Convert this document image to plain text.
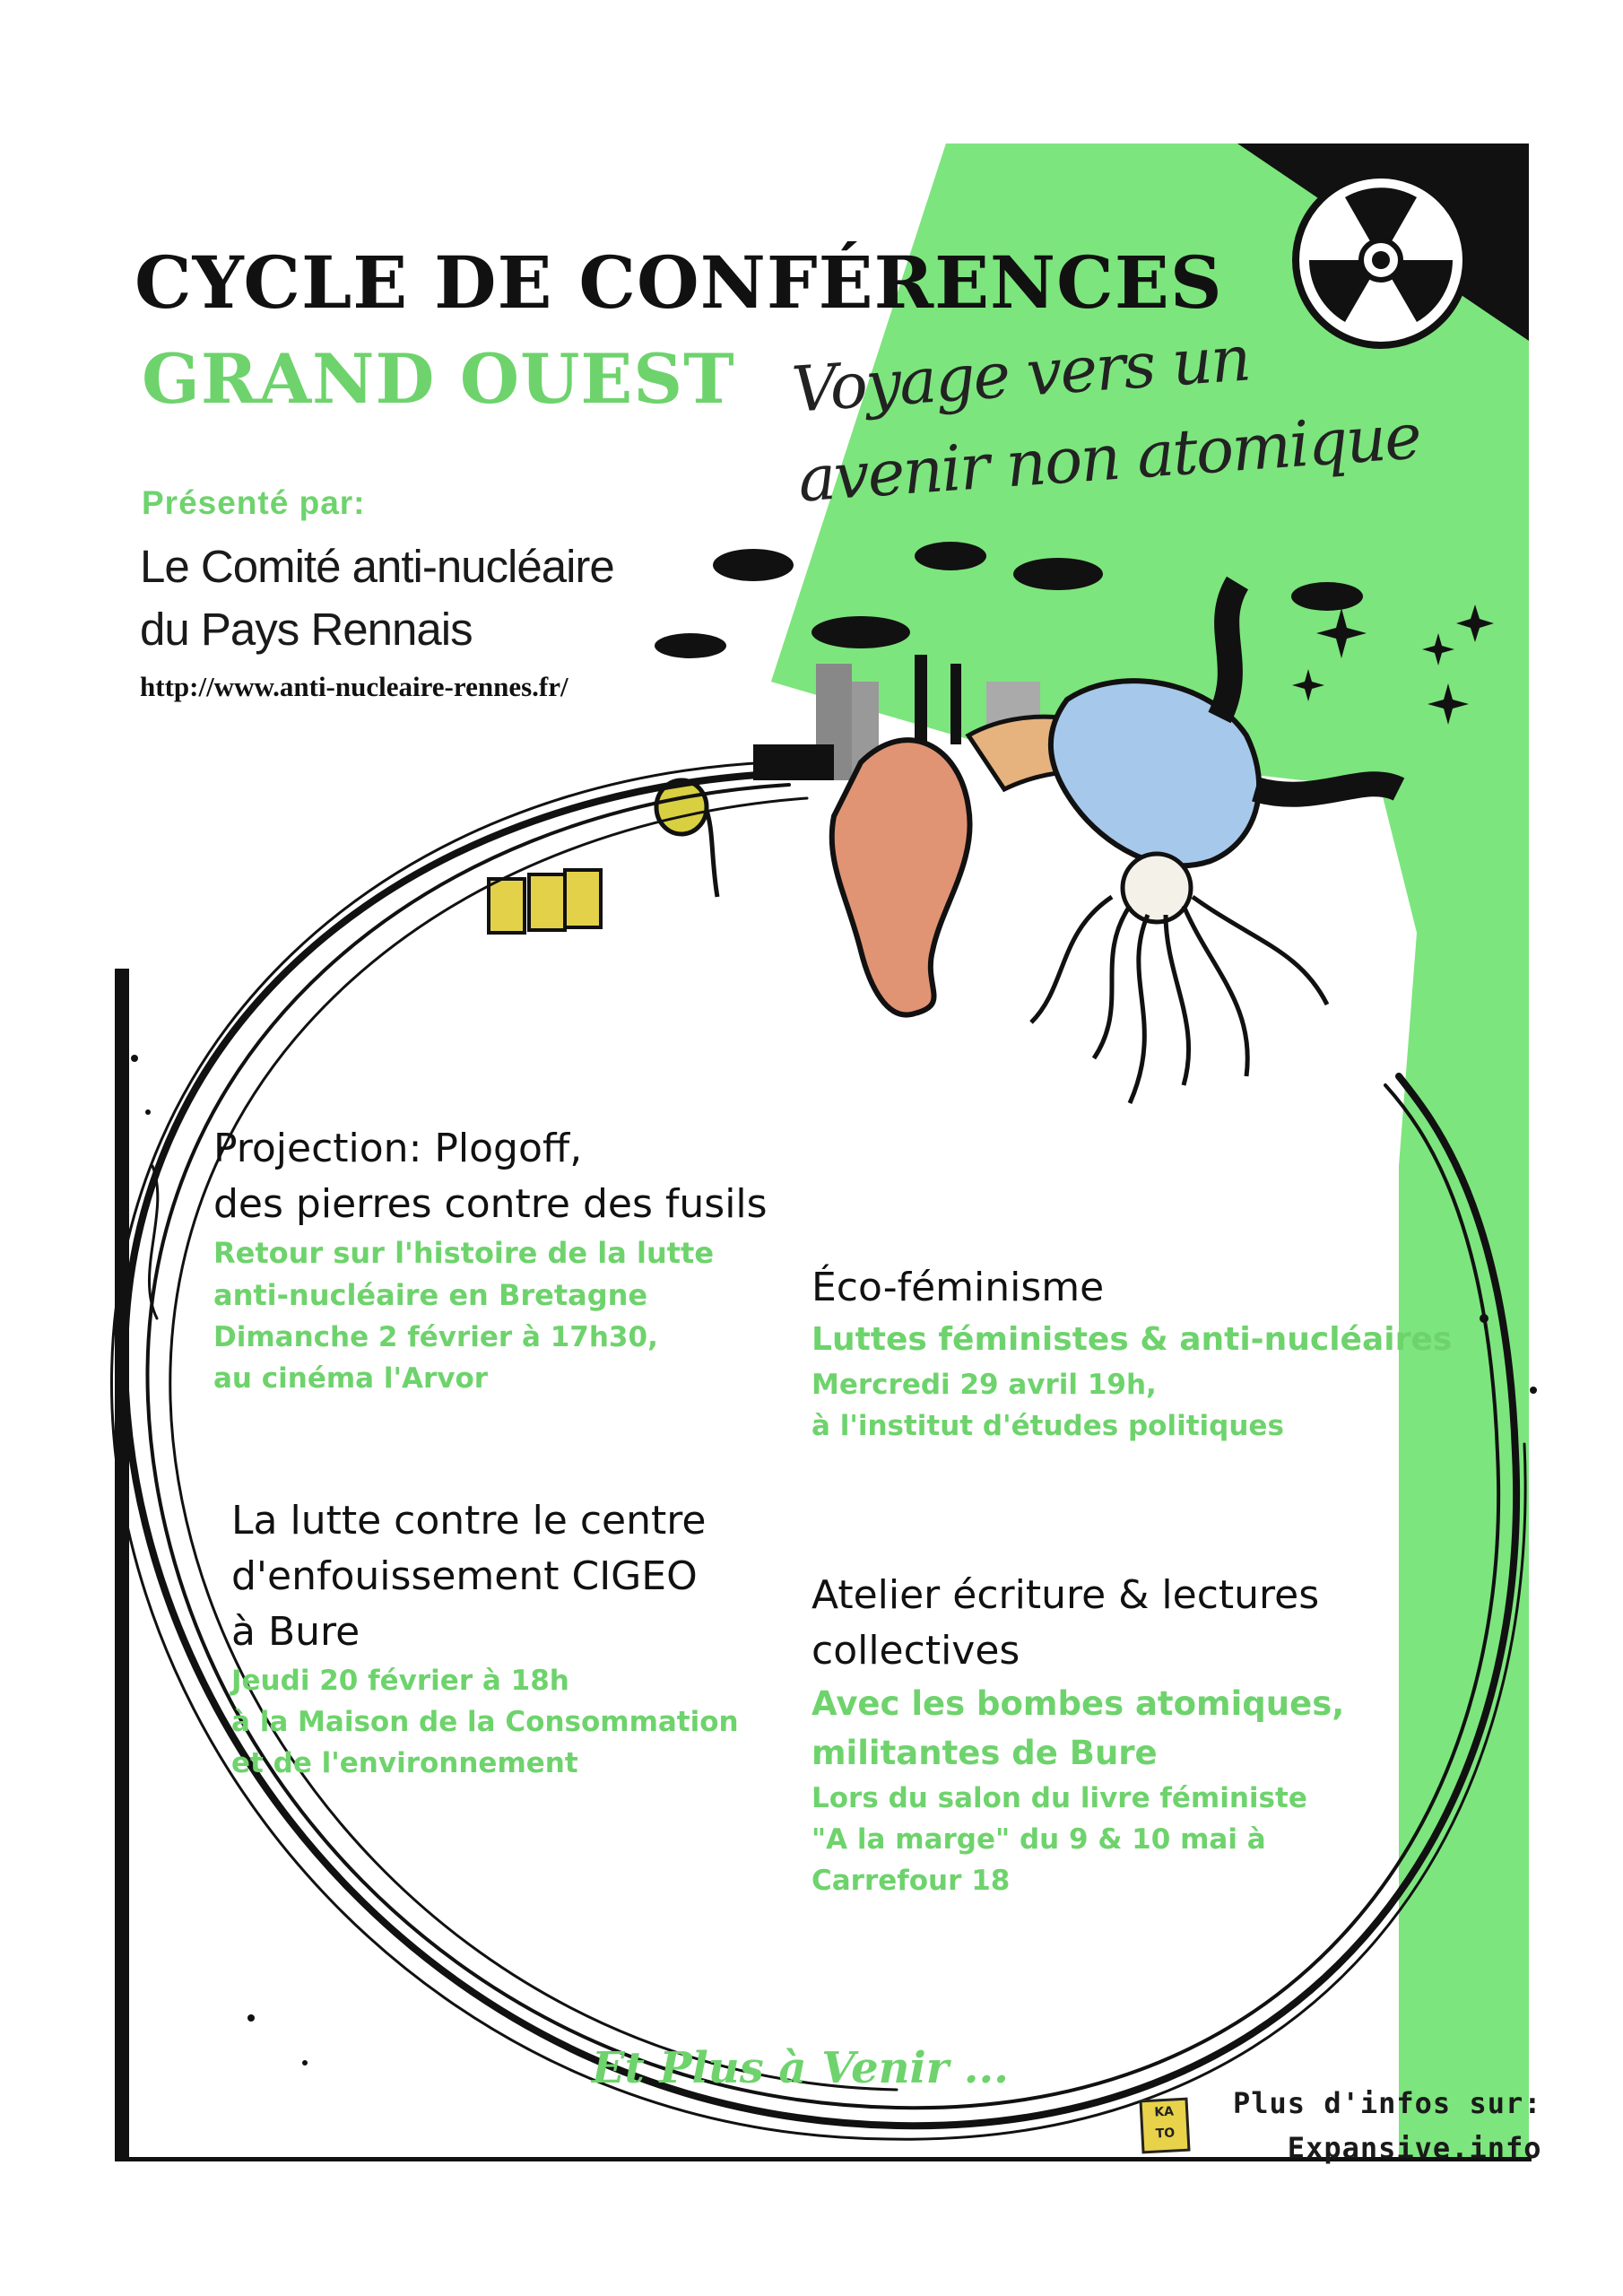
CYCLE DE CONFÉRENCES
GRAND OUEST Voyage vers un
avenir non atomique
Présenté par:
Le Comité anti-nucléaire
du Pays Rennais
http://www.anti-nucleaire-rennes.fr/
Projection: Plogoff,
des pierres contre des fusils
Retour sur l'histoire de la lutte
anti-nucléaire en Bretagne
Dimanche 2 février à 17h30,
au cinéma l'Arvor
Éco-féminisme
Luttes féministes & anti-nucléaires
Mercredi 29 avril 19h,
à l'institut d'études politiques
La lutte contre le centre
d'enfouissement CIGEO
à Bure
Jeudi 20 février à 18h
à la Maison de la Consommation
et de l'environnement
Atelier écriture & lectures
collectives
Avec les bombes atomiques,
militantes de Bure
Lors du salon du livre féministe
"A la marge" du 9 & 10 mai à
Carrefour 18
Et Plus à Venir ...
KA
TO
Plus d'infos sur:
Expansive.info
